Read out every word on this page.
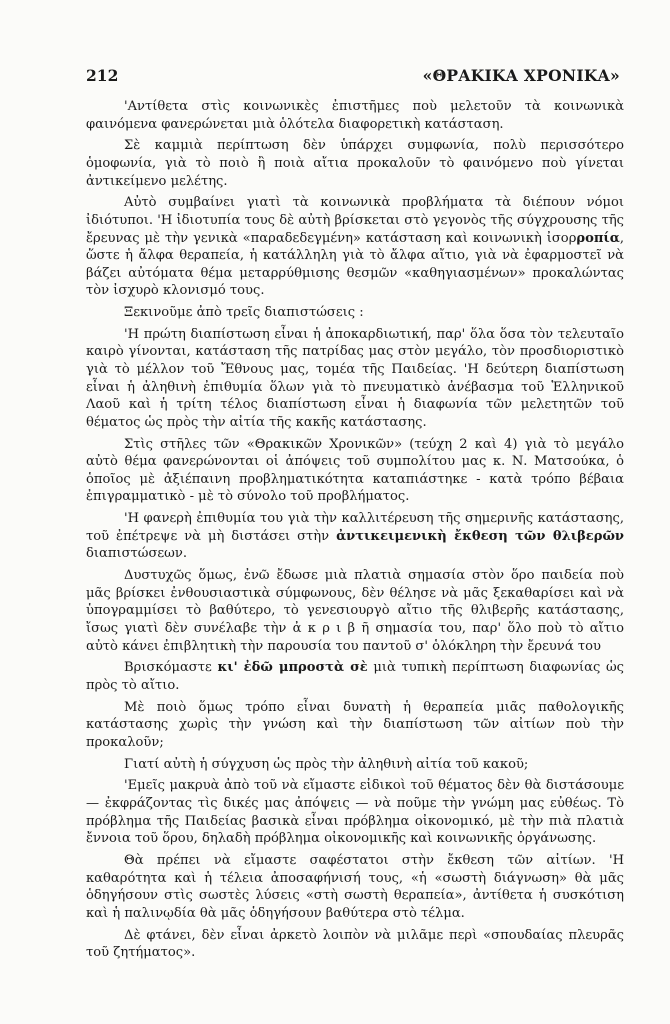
212	«ΘΡΑΚΙΚΑ ΧΡΟΝΙΚΑ»

'Αντίθετα στὶς κοινωνικὲς ἐπιστῆμες ποὺ μελετοῦν τὰ κοινωνικὰ φαινόμενα φανερώνεται μιὰ ὁλότελα διαφορετικὴ κατάσταση.

Σὲ καμμιὰ περίπτωση δὲν ὑπάρχει συμφωνία, πολὺ περισσότερο ὁμοφωνία, γιὰ τὸ ποιὸ ἢ ποιὰ αἴτια προκαλοῦν τὸ φαινόμενο ποὺ γίνεται ἀντικείμενο μελέτης.

Αὐτὸ συμβαίνει γιατὶ τὰ κοινωνικὰ προβλήματα τὰ διέπουν νόμοι ἰδιότυποι. 'Η ἰδιοτυπία τους δὲ αὐτὴ βρίσκεται στὸ γεγονὸς τῆς σύγχρουσης τῆς ἔρευνας μὲ τὴν γενικὰ «παραδεδεγμένη» κατάσταση καὶ κοινωνικὴ ἰσορροπία, ὥστε ἡ ἄλφα θεραπεία, ἡ κατάλληλη γιὰ τὸ ἄλφα αἴτιο, γιὰ νὰ ἐφαρμοστεῖ νὰ βάζει αὐτόματα θέμα μεταρρύθμισης θεσμῶν «καθηγιασμένων» προκαλώντας τὸν ἰσχυρὸ κλονισμό τους.

Ξεκινοῦμε ἀπὸ τρεῖς διαπιστώσεις :

'Η πρώτη διαπίστωση εἶναι ἡ ἀποκαρδιωτική, παρ' ὅλα ὅσα τὸν τελευταῖο καιρὸ γίνονται, κατάσταση τῆς πατρίδας μας στὸν μεγάλο, τὸν προσδιοριστικὸ γιὰ τὸ μέλλον τοῦ Ἔθνους μας, τομέα τῆς Παιδείας. 'Η δεύτερη διαπίστωση εἶναι ἡ ἀληθινὴ ἐπιθυμία ὅλων γιὰ τὸ πνευματικὸ ἀνέβασμα τοῦ Ἑλληνικοῦ Λαοῦ καὶ ἡ τρίτη τέλος διαπίστωση εἶναι ἡ διαφωνία τῶν μελετητῶν τοῦ θέματος ὡς πρὸς τὴν αἰτία τῆς κακῆς κατάστασης.

Στὶς στῆλες τῶν «Θρακικῶν Χρονικῶν» (τεύχη 2 καὶ 4) γιὰ τὸ μεγάλο αὐτὸ θέμα φανερώνονται οἱ ἀπόψεις τοῦ συμπολίτου μας κ. Ν. Ματσούκα, ὁ ὁποῖος μὲ ἀξιέπαινη προβληματικότητα καταπιάστηκε - κατὰ τρόπο βέβαια ἐπιγραμματικὸ - μὲ τὸ σύνολο τοῦ προβλήματος.

'Η φανερὴ ἐπιθυμία του γιὰ τὴν καλλιτέρευση τῆς σημερινῆς κατάστασης, τοῦ ἐπέτρεψε νὰ μὴ διστάσει στὴν ἀντικειμενικὴ ἔκθεση τῶν θλιβερῶν διαπιστώσεων.

Δυστυχῶς ὅμως, ἐνῶ ἔδωσε μιὰ πλατιὰ σημασία στὸν ὅρο παιδεία ποὺ μᾶς βρίσκει ἐνθουσιαστικὰ σύμφωνους, δὲν θέλησε νὰ μᾶς ξεκαθαρίσει καὶ νὰ ὑπογραμμίσει τὸ βαθύτερο, τὸ γενεσιουργὸ αἴτιο τῆς θλιβερῆς κατάστασης, ἴσως γιατὶ δὲν συνέλαβε τὴν ἀ κ ρ ι β ῆ σημασία του, παρ' ὅλο ποὺ τὸ αἴτιο αὐτὸ κάνει ἐπιβλητικὴ τὴν παρουσία του παντοῦ σ' ὁλόκληρη τὴν ἔρευνά του

Βρισκόμαστε κι' ἐδῶ μπροστὰ σὲ μιὰ τυπικὴ περίπτωση διαφωνίας ὡς πρὸς τὸ αἴτιο.

Μὲ ποιὸ ὅμως τρόπο εἶναι δυνατὴ ἡ θεραπεία μιᾶς παθολογικῆς κατάστασης χωρὶς τὴν γνώση καὶ τὴν διαπίστωση τῶν αἰτίων ποὺ τὴν προκαλοῦν;

Γιατί αὐτὴ ἡ σύγχυση ὡς πρὸς τὴν ἀληθινὴ αἰτία τοῦ κακοῦ;

'Εμεῖς μακρυὰ ἀπὸ τοῦ νὰ εἴμαστε εἰδικοὶ τοῦ θέματος δὲν θὰ διστάσουμε — ἐκφράζοντας τὶς δικές μας ἀπόψεις — νὰ ποῦμε τὴν γνώμη μας εὐθέως. Τὸ πρόβλημα τῆς Παιδείας βασικὰ εἶναι πρόβλημα οἰκονομικό, μὲ τὴν πιὰ πλατιὰ ἔννοια τοῦ ὅρου, δηλαδὴ πρόβλημα οἰκονομικῆς καὶ κοινωνικῆς ὀργάνωσης.

Θὰ πρέπει νὰ εἴμαστε σαφέστατοι στὴν ἔκθεση τῶν αἰτίων. 'Η καθαρότητα καὶ ἡ τέλεια ἀποσαφήνισή τους, «ἡ «σωστὴ διάγνωση» θὰ μᾶς ὁδηγήσουν στὶς σωστὲς λύσεις «στὴ σωστὴ θεραπεία», ἀντίθετα ἡ συσκότιση καὶ ἡ παλινῳδία θὰ μᾶς ὁδηγήσουν βαθύτερα στὸ τέλμα.

Δὲ φτάνει, δὲν εἶναι ἀρκετὸ λοιπὸν νὰ μιλᾶμε περὶ «σπουδαίας πλευρᾶς τοῦ ζητήματος».
